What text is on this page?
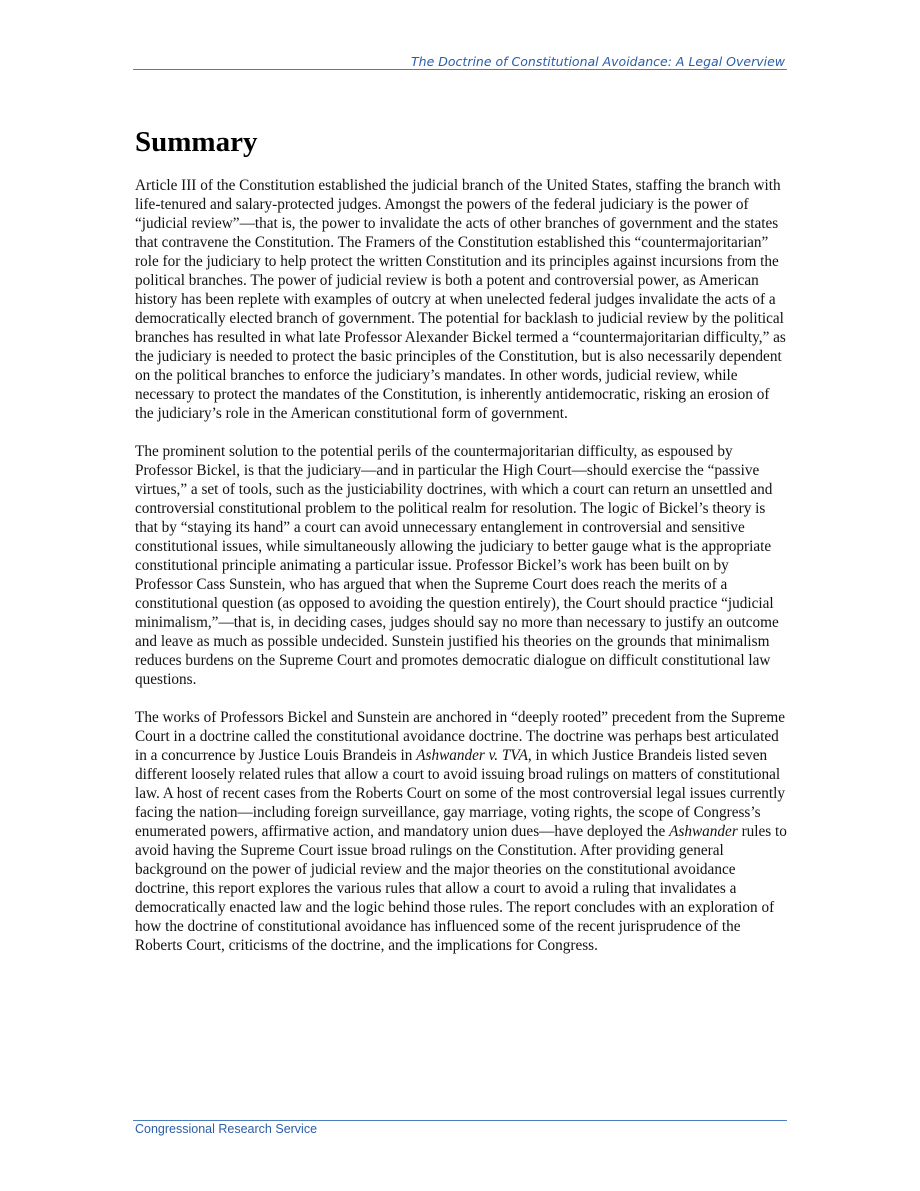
The Doctrine of Constitutional Avoidance: A Legal Overview
Summary

Article III of the Constitution established the judicial branch of the United States, staffing the branch with life-tenured and salary-protected judges. Amongst the powers of the federal judiciary is the power of “judicial review”—that is, the power to invalidate the acts of other branches of government and the states that contravene the Constitution. The Framers of the Constitution established this “countermajoritarian” role for the judiciary to help protect the written Constitution and its principles against incursions from the political branches. The power of judicial review is both a potent and controversial power, as American history has been replete with examples of outcry at when unelected federal judges invalidate the acts of a democratically elected branch of government. The potential for backlash to judicial review by the political branches has resulted in what late Professor Alexander Bickel termed a “countermajoritarian difficulty,” as the judiciary is needed to protect the basic principles of the Constitution, but is also necessarily dependent on the political branches to enforce the judiciary’s mandates. In other words, judicial review, while necessary to protect the mandates of the Constitution, is inherently antidemocratic, risking an erosion of the judiciary’s role in the American constitutional form of government.

The prominent solution to the potential perils of the countermajoritarian difficulty, as espoused by Professor Bickel, is that the judiciary—and in particular the High Court—should exercise the “passive virtues,” a set of tools, such as the justiciability doctrines, with which a court can return an unsettled and controversial constitutional problem to the political realm for resolution. The logic of Bickel’s theory is that by “staying its hand” a court can avoid unnecessary entanglement in controversial and sensitive constitutional issues, while simultaneously allowing the judiciary to better gauge what is the appropriate constitutional principle animating a particular issue. Professor Bickel’s work has been built on by Professor Cass Sunstein, who has argued that when the Supreme Court does reach the merits of a constitutional question (as opposed to avoiding the question entirely), the Court should practice “judicial minimalism,”—that is, in deciding cases, judges should say no more than necessary to justify an outcome and leave as much as possible undecided. Sunstein justified his theories on the grounds that minimalism reduces burdens on the Supreme Court and promotes democratic dialogue on difficult constitutional law questions.

The works of Professors Bickel and Sunstein are anchored in “deeply rooted” precedent from the Supreme Court in a doctrine called the constitutional avoidance doctrine. The doctrine was perhaps best articulated in a concurrence by Justice Louis Brandeis in Ashwander v. TVA, in which Justice Brandeis listed seven different loosely related rules that allow a court to avoid issuing broad rulings on matters of constitutional law. A host of recent cases from the Roberts Court on some of the most controversial legal issues currently facing the nation—including foreign surveillance, gay marriage, voting rights, the scope of Congress’s enumerated powers, affirmative action, and mandatory union dues—have deployed the Ashwander rules to avoid having the Supreme Court issue broad rulings on the Constitution. After providing general background on the power of judicial review and the major theories on the constitutional avoidance doctrine, this report explores the various rules that allow a court to avoid a ruling that invalidates a democratically enacted law and the logic behind those rules. The report concludes with an exploration of how the doctrine of constitutional avoidance has influenced some of the recent jurisprudence of the Roberts Court, criticisms of the doctrine, and the implications for Congress.

Congressional Research Service
